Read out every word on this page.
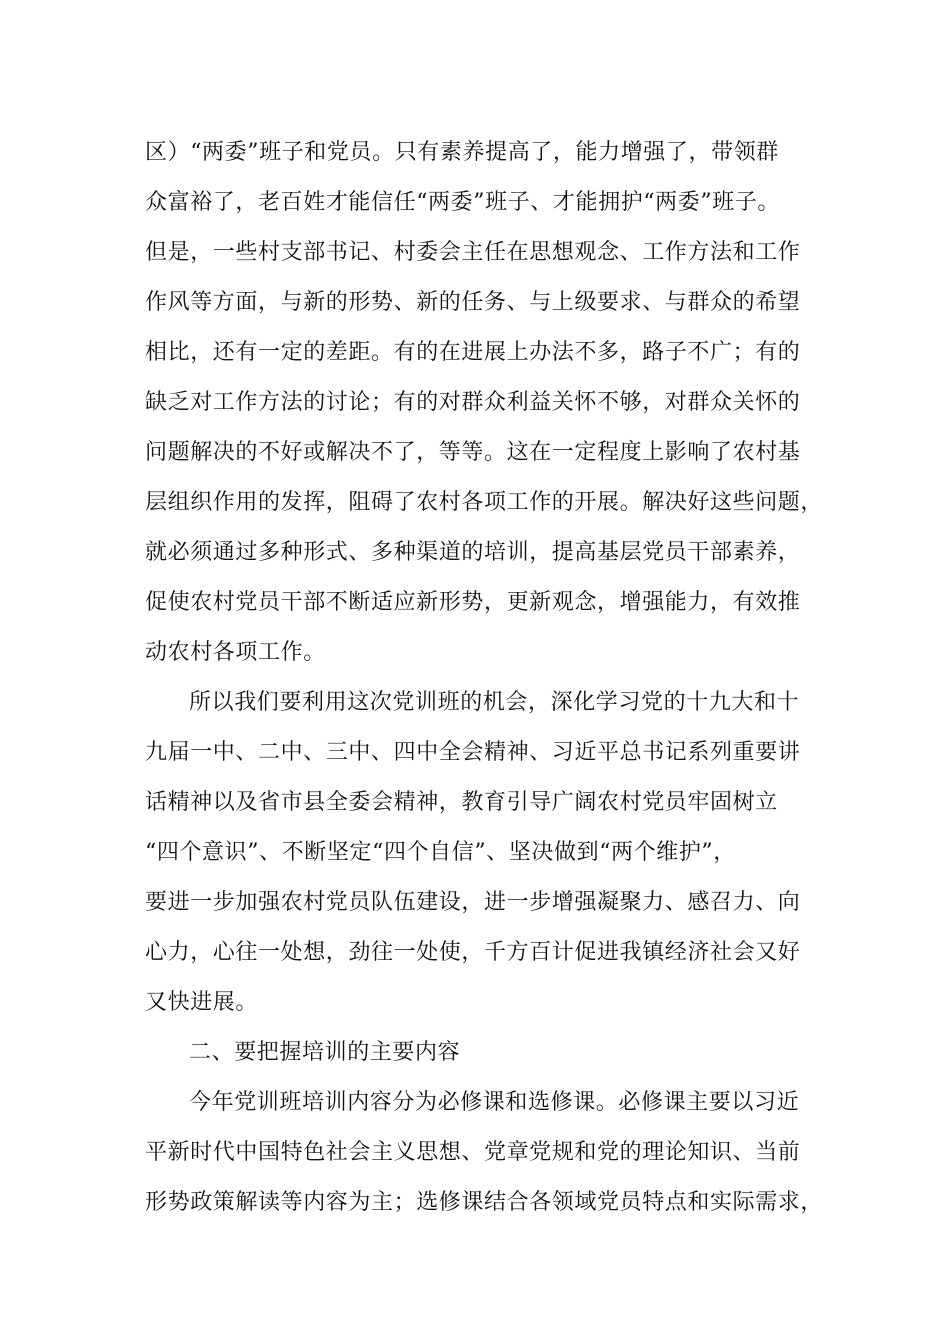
区）“两委”班子和党员。只有素养提高了，能力增强了，带领群
众富裕了，老百姓才能信任“两委”班子、才能拥护“两委”班子。
但是，一些村支部书记、村委会主任在思想观念、工作方法和工作
作风等方面，与新的形势、新的任务、与上级要求、与群众的希望
相比，还有一定的差距。有的在进展上办法不多，路子不广；有的
缺乏对工作方法的讨论；有的对群众利益关怀不够，对群众关怀的
问题解决的不好或解决不了，等等。这在一定程度上影响了农村基
层组织作用的发挥，阻碍了农村各项工作的开展。解决好这些问题，
就必须通过多种形式、多种渠道的培训，提高基层党员干部素养，
促使农村党员干部不断适应新形势，更新观念，增强能力，有效推
动农村各项工作。
所以我们要利用这次党训班的机会，深化学习党的十九大和十
九届一中、二中、三中、四中全会精神、习近平总书记系列重要讲
话精神以及省市县全委会精神，教育引导广阔农村党员牢固树立
“四个意识”、不断坚定“四个自信”、坚决做到“两个维护”，
要进一步加强农村党员队伍建设，进一步增强凝聚力、感召力、向
心力，心往一处想，劲往一处使，千方百计促进我镇经济社会又好
又快进展。
二、要把握培训的主要内容
今年党训班培训内容分为必修课和选修课。必修课主要以习近
平新时代中国特色社会主义思想、党章党规和党的理论知识、当前
形势政策解读等内容为主；选修课结合各领域党员特点和实际需求，
